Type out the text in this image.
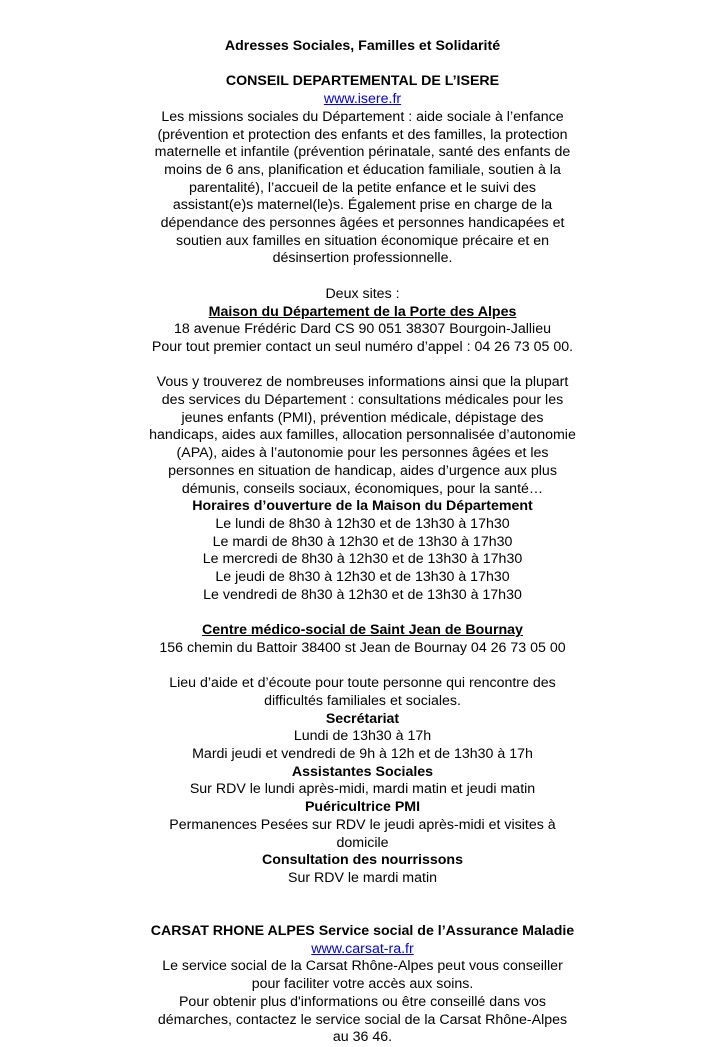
Adresses Sociales, Familles et Solidarité
CONSEIL DEPARTEMENTAL DE L’ISERE
www.isere.fr
Les missions sociales du Département : aide sociale à l’enfance
(prévention et protection des enfants et des familles, la protection
maternelle et infantile (prévention périnatale, santé des enfants de
moins de 6 ans, planification et éducation familiale, soutien à la
parentalité), l’accueil de la petite enfance et le suivi des
assistant(e)s maternel(le)s. Également prise en charge de la
dépendance des personnes âgées et personnes handicapées et
soutien aux familles en situation économique précaire et en
désinsertion professionnelle.
Deux sites :
Maison du Département de la Porte des Alpes
18 avenue Frédéric Dard CS 90 051 38307 Bourgoin-Jallieu
Pour tout premier contact un seul numéro d’appel : 04 26 73 05 00.
Vous y trouverez de nombreuses informations ainsi que la plupart
des services du Département : consultations médicales pour les
jeunes enfants (PMI), prévention médicale, dépistage des
handicaps, aides aux familles, allocation personnalisée d’autonomie
(APA), aides à l’autonomie pour les personnes âgées et les
personnes en situation de handicap, aides d’urgence aux plus
démunis, conseils sociaux, économiques, pour la santé…
Horaires d’ouverture de la Maison du Département
Le lundi de 8h30 à 12h30 et de 13h30 à 17h30
Le mardi de 8h30 à 12h30 et de 13h30 à 17h30
Le mercredi de 8h30 à 12h30 et de 13h30 à 17h30
Le jeudi de 8h30 à 12h30 et de 13h30 à 17h30
Le vendredi de 8h30 à 12h30 et de 13h30 à 17h30
Centre médico-social de Saint Jean de Bournay
156 chemin du Battoir 38400 st Jean de Bournay 04 26 73 05 00
Lieu d’aide et d’écoute pour toute personne qui rencontre des
difficultés familiales et sociales.
Secrétariat
Lundi de 13h30 à 17h
Mardi jeudi et vendredi de 9h à 12h et de 13h30 à 17h
Assistantes Sociales
Sur RDV le lundi après-midi, mardi matin et jeudi matin
Puéricultrice PMI
Permanences Pesées sur RDV le jeudi après-midi et visites à
domicile
Consultation des nourrissons
Sur RDV le mardi matin
CARSAT RHONE ALPES Service social de l’Assurance Maladie
www.carsat-ra.fr
Le service social de la Carsat Rhône-Alpes peut vous conseiller
pour faciliter votre accès aux soins.
Pour obtenir plus d'informations ou être conseillé dans vos
démarches, contactez le service social de la Carsat Rhône-Alpes
au 36 46.
